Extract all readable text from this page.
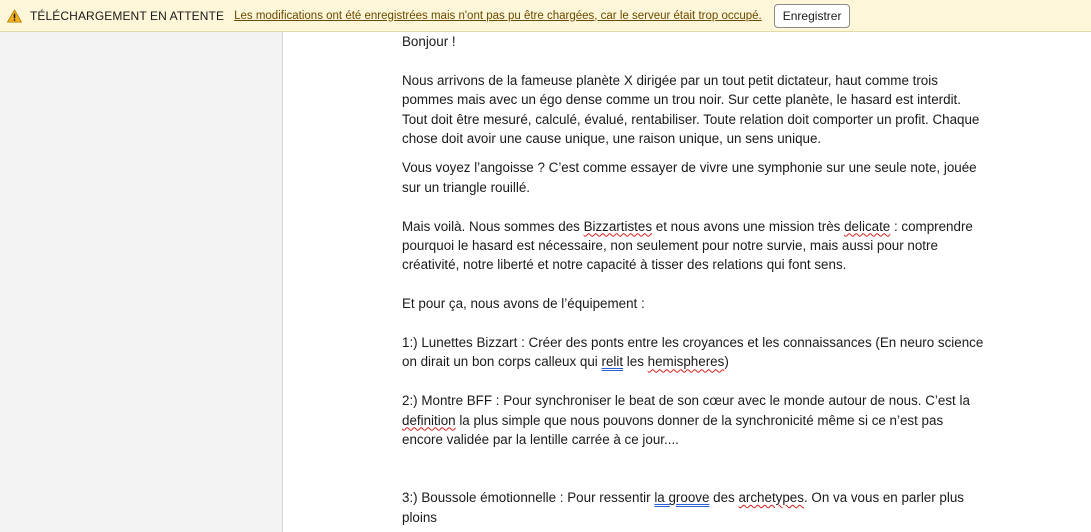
TÉLÉCHARGEMENT EN ATTENTE Les modifications ont été enregistrées mais n'ont pas pu être chargées, car le serveur était trop occupé.	Enregistrer

Bonjour !

Nous arrivons de la fameuse planète X dirigée par un tout petit dictateur, haut comme trois pommes mais avec un égo dense comme un trou noir. Sur cette planète, le hasard est interdit. Tout doit être mesuré, calculé, évalué, rentabiliser. Toute relation doit comporter un profit. Chaque chose doit avoir une cause unique, une raison unique, un sens unique.

Vous voyez l’angoisse ? C’est comme essayer de vivre une symphonie sur une seule note, jouée sur un triangle rouillé.

Mais voilà. Nous sommes des Bizzartistes et nous avons une mission très delicate : comprendre pourquoi le hasard est nécessaire, non seulement pour notre survie, mais aussi pour notre créativité, notre liberté et notre capacité à tisser des relations qui font sens.

Et pour ça, nous avons de l’équipement :

1:) Lunettes Bizzart : Créer des ponts entre les croyances et les connaissances (En neuro science on dirait un bon corps calleux qui relit les hemispheres)

2:) Montre BFF : Pour synchroniser le beat de son cœur avec le monde autour de nous. C’est la definition la plus simple que nous pouvons donner de la synchronicité même si ce n’est pas encore validée par la lentille carrée à ce jour....

3:) Boussole émotionnelle : Pour ressentir la groove des archetypes. On va vous en parler plus ploins
